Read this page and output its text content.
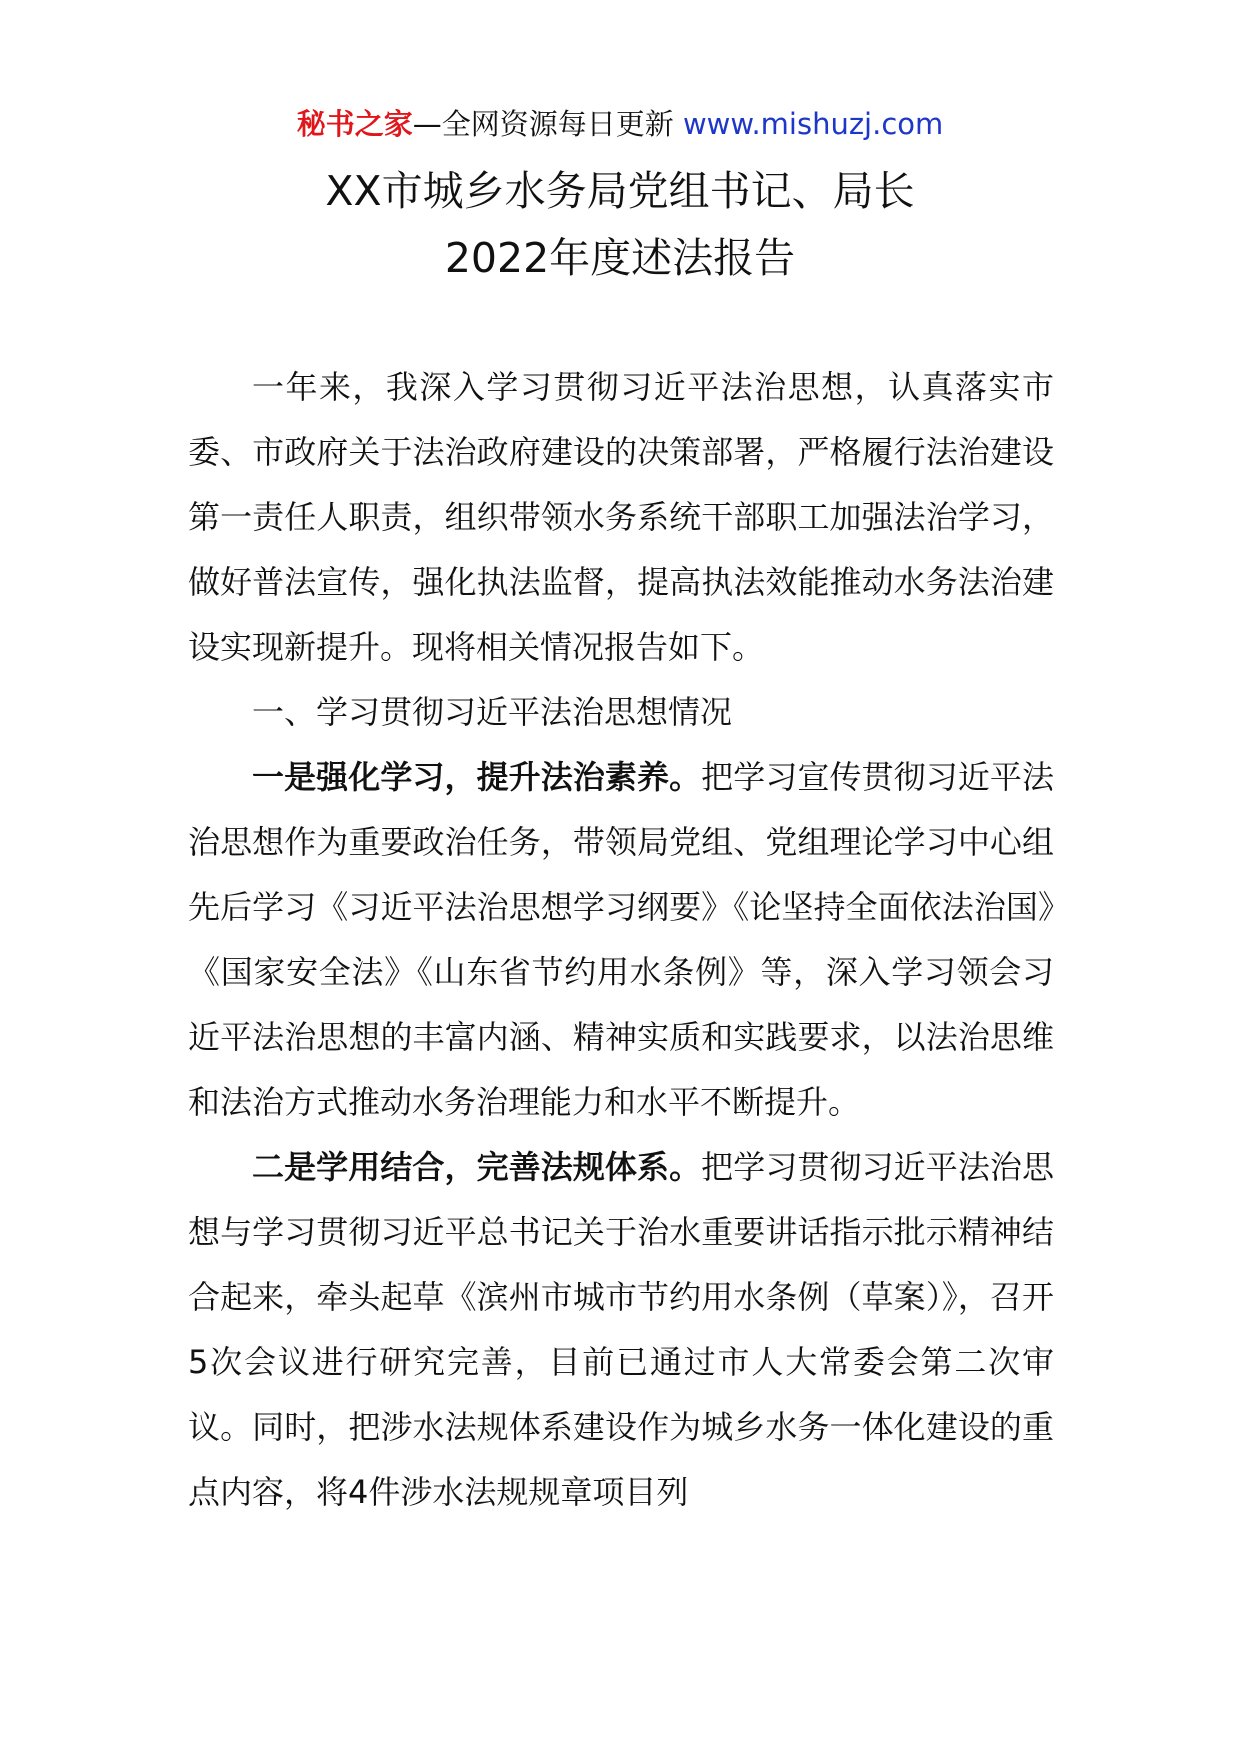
秘书之家—全网资源每日更新 www.mishuzj.com
XX市城乡水务局党组书记、局长
2022年度述法报告

一年来，我深入学习贯彻习近平法治思想，认真落实市委、市政府关于法治政府建设的决策部署，严格履行法治建设第一责任人职责，组织带领水务系统干部职工加强法治学习，做好普法宣传，强化执法监督，提高执法效能推动水务法治建设实现新提升。现将相关情况报告如下。

一、学习贯彻习近平法治思想情况

一是强化学习，提升法治素养。把学习宣传贯彻习近平法治思想作为重要政治任务，带领局党组、党组理论学习中心组先后学习《习近平法治思想学习纲要》《论坚持全面依法治国》《国家安全法》《山东省节约用水条例》等，深入学习领会习近平法治思想的丰富内涵、精神实质和实践要求，以法治思维和法治方式推动水务治理能力和水平不断提升。

二是学用结合，完善法规体系。把学习贯彻习近平法治思想与学习贯彻习近平总书记关于治水重要讲话指示批示精神结合起来，牵头起草《滨州市城市节约用水条例（草案）》，召开5次会议进行研究完善，目前已通过市人大常委会第二次审议。同时，把涉水法规体系建设作为城乡水务一体化建设的重点内容，将4件涉水法规规章项目列
